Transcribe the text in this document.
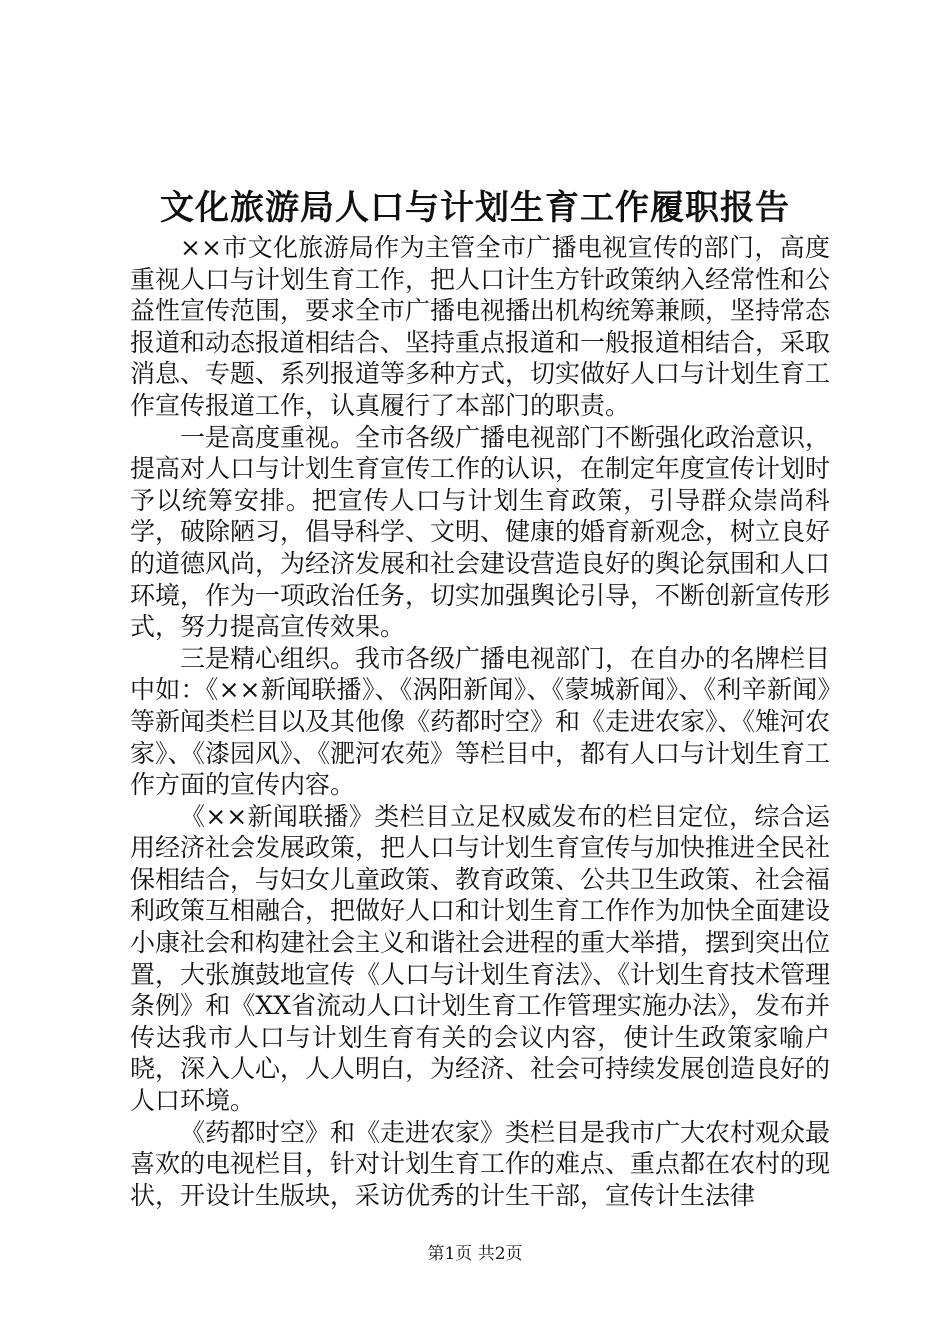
文化旅游局人口与计划生育工作履职报告

××市文化旅游局作为主管全市广播电视宣传的部门，高度重视人口与计划生育工作，把人口计生方针政策纳入经常性和公益性宣传范围，要求全市广播电视播出机构统筹兼顾，坚持常态报道和动态报道相结合、坚持重点报道和一般报道相结合，采取消息、专题、系列报道等多种方式，切实做好人口与计划生育工作宣传报道工作，认真履行了本部门的职责。

一是高度重视。全市各级广播电视部门不断强化政治意识，提高对人口与计划生育宣传工作的认识，在制定年度宣传计划时予以统筹安排。把宣传人口与计划生育政策，引导群众崇尚科学，破除陋习，倡导科学、文明、健康的婚育新观念，树立良好的道德风尚，为经济发展和社会建设营造良好的舆论氛围和人口环境，作为一项政治任务，切实加强舆论引导，不断创新宣传形式，努力提高宣传效果。

三是精心组织。我市各级广播电视部门，在自办的名牌栏目中如：《××新闻联播》、《涡阳新闻》、《蒙城新闻》、《利辛新闻》等新闻类栏目以及其他像《药都时空》和《走进农家》、《雉河农家》、《漆园风》、《淝河农苑》等栏目中，都有人口与计划生育工作方面的宣传内容。

《××新闻联播》类栏目立足权威发布的栏目定位，综合运用经济社会发展政策，把人口与计划生育宣传与加快推进全民社保相结合，与妇女儿童政策、教育政策、公共卫生政策、社会福利政策互相融合，把做好人口和计划生育工作作为加快全面建设小康社会和构建社会主义和谐社会进程的重大举措，摆到突出位置，大张旗鼓地宣传《人口与计划生育法》、《计划生育技术管理条例》和《XX省流动人口计划生育工作管理实施办法》，发布并传达我市人口与计划生育有关的会议内容，使计生政策家喻户晓，深入人心，人人明白，为经济、社会可持续发展创造良好的人口环境。

《药都时空》和《走进农家》类栏目是我市广大农村观众最喜欢的电视栏目，针对计划生育工作的难点、重点都在农村的现状，开设计生版块，采访优秀的计生干部，宣传计生法律

第1页 共2页
